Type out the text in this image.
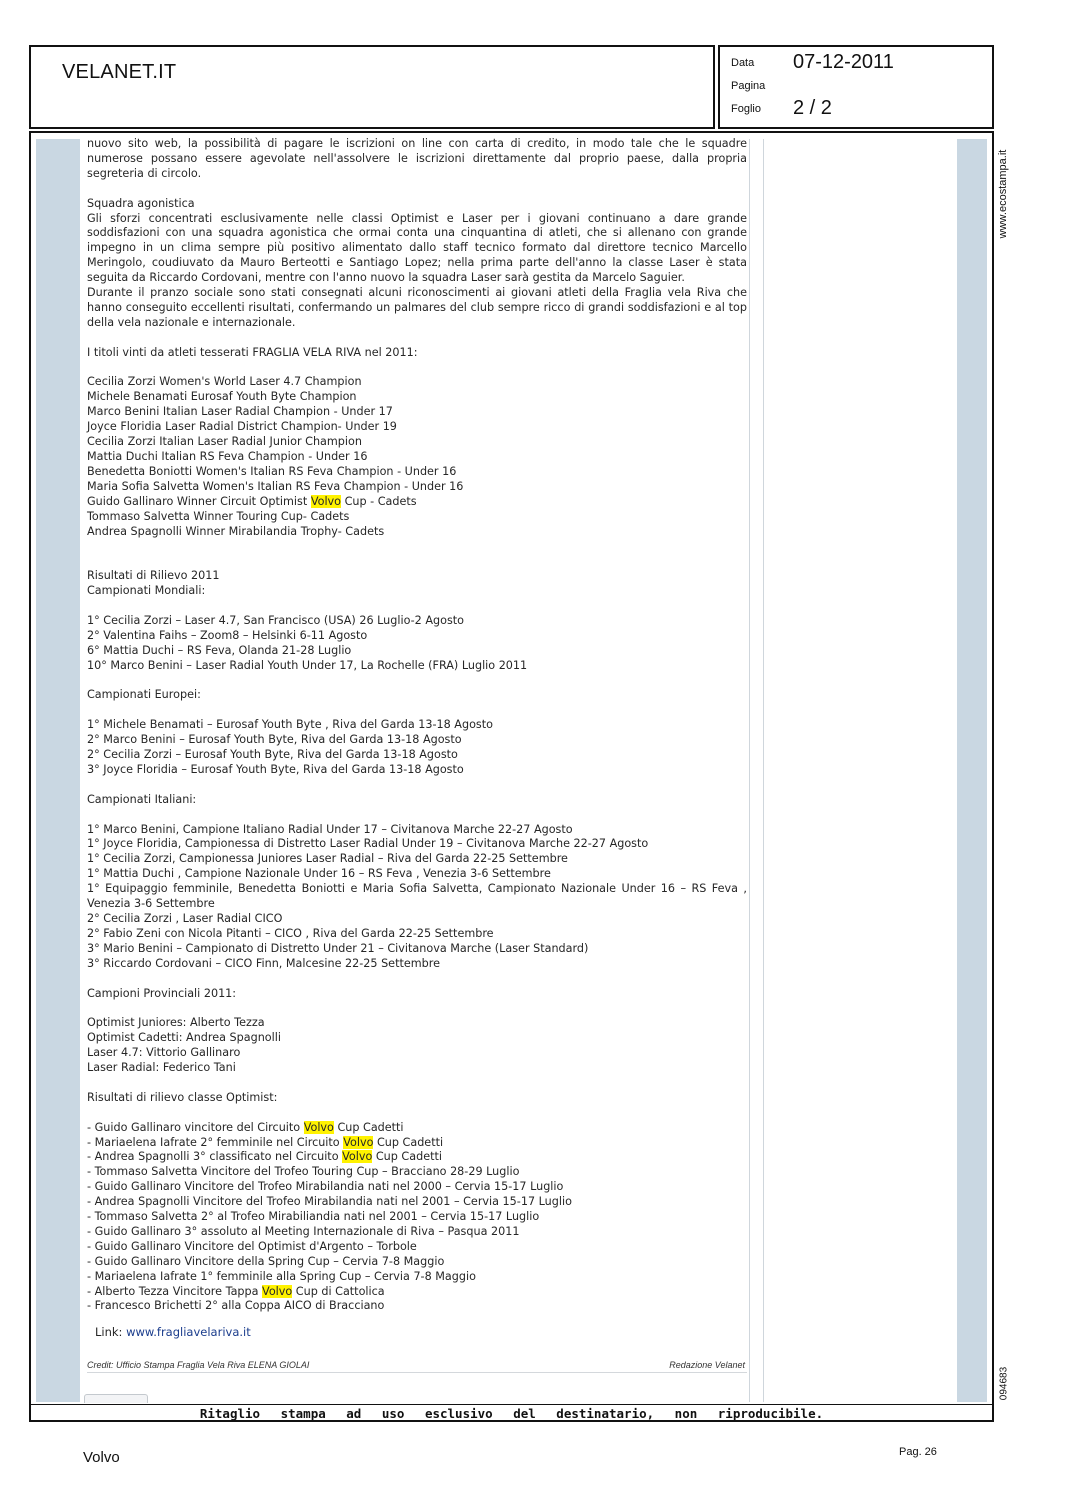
VELANET.IT	Data 07-12-2011
Pagina
Foglio 2 / 2

nuovo sito web, la possibilità di pagare le iscrizioni on line con carta di credito, in modo tale che le squadre numerose possano essere agevolate nell'assolvere le iscrizioni direttamente dal proprio paese, dalla propria segreteria di circolo.

Squadra agonistica

Gli sforzi concentrati esclusivamente nelle classi Optimist e Laser per i giovani continuano a dare grande soddisfazioni con una squadra agonistica che ormai conta una cinquantina di atleti, che si allenano con grande impegno in un clima sempre più positivo alimentato dallo staff tecnico formato dal direttore tecnico Marcello Meringolo, coudiuvato da Mauro Berteotti e Santiago Lopez; nella prima parte dell'anno la classe Laser è stata seguita da Riccardo Cordovani, mentre con l'anno nuovo la squadra Laser sarà gestita da Marcelo Saguier.

Durante il pranzo sociale sono stati consegnati alcuni riconoscimenti ai giovani atleti della Fraglia vela Riva che hanno conseguito eccellenti risultati, confermando un palmares del club sempre ricco di grandi soddisfazioni e al top della vela nazionale e internazionale.

I titoli vinti da atleti tesserati FRAGLIA VELA RIVA nel 2011:

Cecilia Zorzi Women's World Laser 4.7 Champion

Michele Benamati Eurosaf Youth Byte Champion

Marco Benini Italian Laser Radial Champion - Under 17

Joyce Floridia Laser Radial District Champion- Under 19

Cecilia Zorzi Italian Laser Radial Junior Champion

Mattia Duchi Italian RS Feva Champion - Under 16

Benedetta Boniotti Women's Italian RS Feva Champion - Under 16

Maria Sofia Salvetta Women's Italian RS Feva Champion - Under 16

Guido Gallinaro Winner Circuit Optimist Volvo Cup - Cadets

Tommaso Salvetta Winner Touring Cup- Cadets

Andrea Spagnolli Winner Mirabilandia Trophy- Cadets

Risultati di Rilievo 2011

Campionati Mondiali:

1° Cecilia Zorzi – Laser 4.7, San Francisco (USA) 26 Luglio-2 Agosto

2° Valentina Faihs – Zoom8 – Helsinki 6-11 Agosto

6° Mattia Duchi – RS Feva, Olanda 21-28 Luglio

10° Marco Benini – Laser Radial Youth Under 17, La Rochelle (FRA) Luglio 2011

Campionati Europei:

1° Michele Benamati – Eurosaf Youth Byte , Riva del Garda 13-18 Agosto

2° Marco Benini – Eurosaf Youth Byte, Riva del Garda 13-18 Agosto

2° Cecilia Zorzi – Eurosaf Youth Byte, Riva del Garda 13-18 Agosto

3° Joyce Floridia – Eurosaf Youth Byte, Riva del Garda 13-18 Agosto

Campionati Italiani:

1° Marco Benini, Campione Italiano Radial Under 17 – Civitanova Marche 22-27 Agosto

1° Joyce Floridia, Campionessa di Distretto Laser Radial Under 19 – Civitanova Marche 22-27 Agosto

1° Cecilia Zorzi, Campionessa Juniores Laser Radial – Riva del Garda 22-25 Settembre

1° Mattia Duchi , Campione Nazionale Under 16 – RS Feva , Venezia 3-6 Settembre

1° Equipaggio femminile, Benedetta Boniotti e Maria Sofia Salvetta, Campionato Nazionale Under 16 – RS Feva , Venezia 3-6 Settembre

2° Cecilia Zorzi , Laser Radial CICO

2° Fabio Zeni con Nicola Pitanti – CICO , Riva del Garda 22-25 Settembre

3° Mario Benini – Campionato di Distretto Under 21 – Civitanova Marche (Laser Standard)

3° Riccardo Cordovani – CICO Finn, Malcesine 22-25 Settembre

Campioni Provinciali 2011:

Optimist Juniores: Alberto Tezza

Optimist Cadetti: Andrea Spagnolli

Laser 4.7: Vittorio Gallinaro

Laser Radial: Federico Tani

Risultati di rilievo classe Optimist:

- Guido Gallinaro vincitore del Circuito Volvo Cup Cadetti

- Mariaelena Iafrate 2° femminile nel Circuito Volvo Cup Cadetti

- Andrea Spagnolli 3° classificato nel Circuito Volvo Cup Cadetti

- Tommaso Salvetta Vincitore del Trofeo Touring Cup – Bracciano 28-29 Luglio

- Guido Gallinaro Vincitore del Trofeo Mirabilandia nati nel 2000 – Cervia 15-17 Luglio

- Andrea Spagnolli Vincitore del Trofeo Mirabilandia nati nel 2001 – Cervia 15-17 Luglio

- Tommaso Salvetta 2° al Trofeo Mirabiliandia nati nel 2001 – Cervia 15-17 Luglio

- Guido Gallinaro 3° assoluto al Meeting Internazionale di Riva – Pasqua 2011

- Guido Gallinaro Vincitore del Optimist d'Argento – Torbole

- Guido Gallinaro Vincitore della Spring Cup – Cervia 7-8 Maggio

- Mariaelena Iafrate 1° femminile alla Spring Cup – Cervia 7-8 Maggio

- Alberto Tezza Vincitore Tappa Volvo Cup di Cattolica

- Francesco Brichetti 2° alla Coppa AICO di Bracciano

Link: www.fragliavelariva.it
Credit: Ufficio Stampa Fraglia Vela Riva ELENA GIOLAI	Redazione Velanet
www.ecostampa.it
094683
Ritaglio stampa ad uso esclusivo del destinatario, non riproducibile.
Volvo	Pag. 26
